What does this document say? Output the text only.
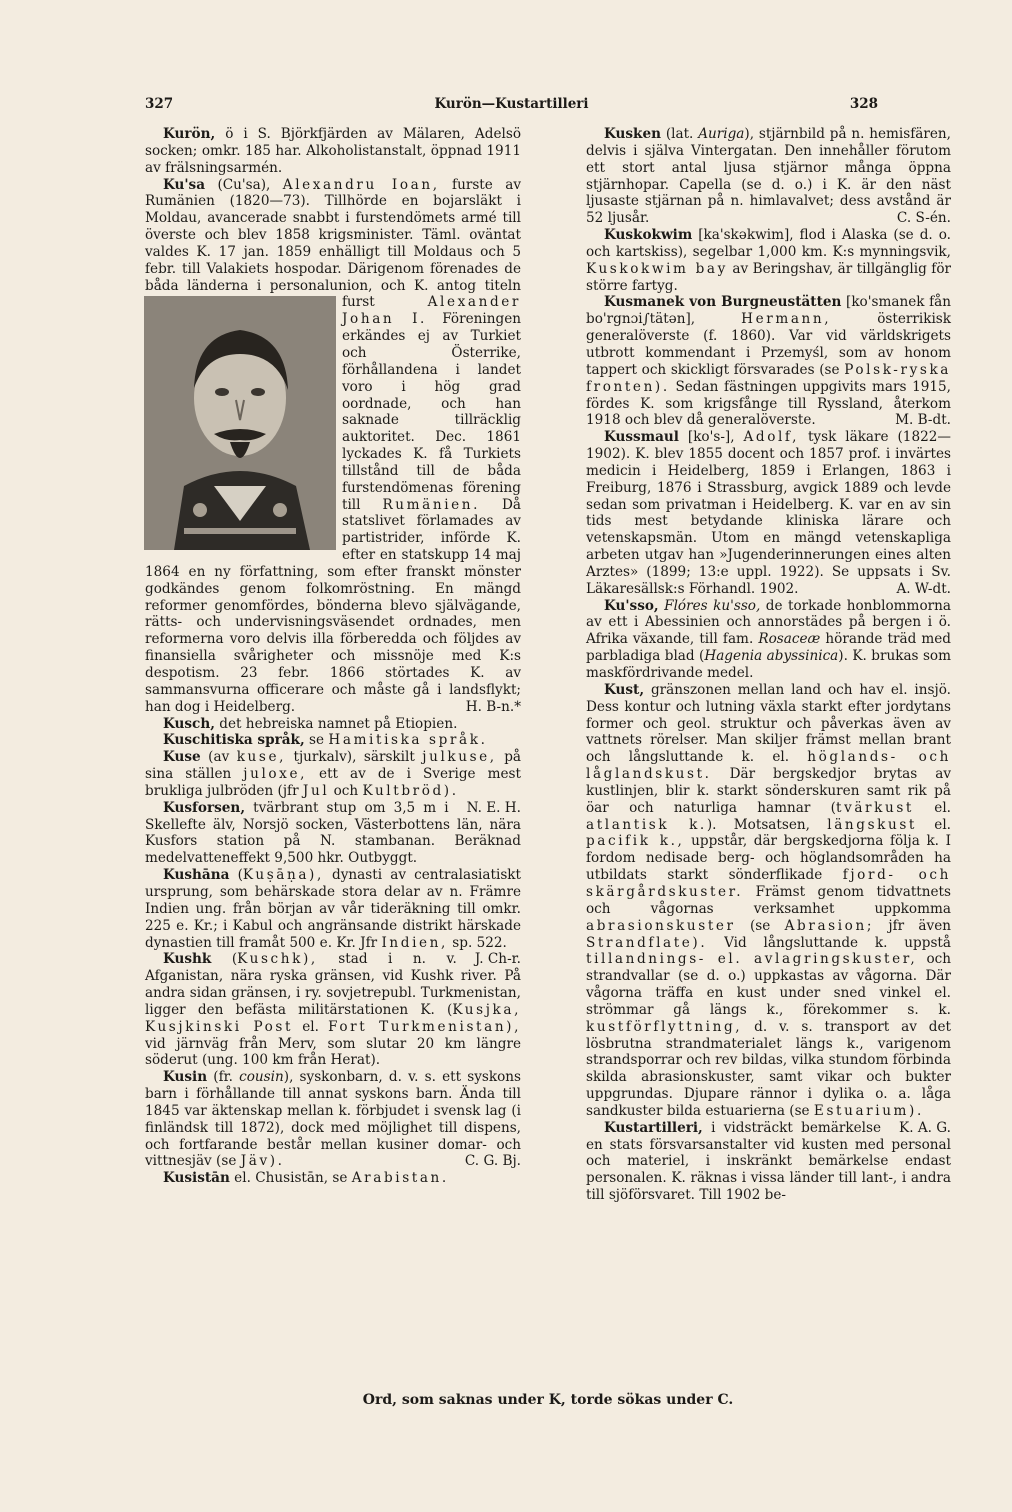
327	Kurön—Kustartilleri	328

Kurön, ö i S. Björkfjärden av Mälaren, Adelsö socken; omkr. 185 har. Alkoholistanstalt, öppnad 1911 av frälsningsarmén.

Ku'sa (Cu'sa), Alexandru Ioan, furste av Rumänien (1820—73). Tillhörde en bojarsläkt i Moldau, avancerade snabbt i furstendömets armé till överste och blev 1858 krigsminister. Täml. oväntat valdes K. 17 jan. 1859 enhälligt till Moldaus och 5 febr. till Valakiets hospodar. Därigenom förenades de båda länderna i personalunion, och K. antog titeln furst	Alexander Johan I. Föreningen erkändes ej av Turkiet och Österrike, förhållandena i landet voro i hög grad oordnade, och han saknade tillräcklig auktoritet. Dec. 1861 lyckades K. få Turkiets tillstånd till de båda furstendömenas förening till Rumänien. Då statslivet förlamades av partistrider, införde K. efter en statskupp 14 maj 1864 en ny författning, som efter franskt mönster godkändes genom folkomröstning. En mängd reformer genomfördes, bönderna blevo självägande, rätts- och undervisningsväsendet ordnades, men reformerna voro delvis illa förberedda och följdes av finansiella svårigheter och missnöje med K:s despotism. 23 febr. 1866 störtades K. av sammansvurna officerare och måste gå i landsflykt; han dog i Heidelberg.	H. B-n.*

Kusch, det hebreiska namnet på Etiopien.

Kuschitiska språk, se Hamitiska språk.

Kuse (av kuse, tjurkalv), särskilt julkuse, på sina ställen juloxe, ett av de i Sverige mest brukliga julbröden (jfr Jul och Kultbröd).
N. E. H.

Kusforsen, tvärbrant stup om 3,5 m i Skellefte älv, Norsjö socken, Västerbottens län, nära Kusfors station på N. stambanan. Beräknad medelvatteneffekt 9,500 hkr. Outbyggt.

Kushāna (Kuṣāṇa), dynasti av centralasiatiskt ursprung, som behärskade stora delar av n. Främre Indien ung. från början av vår tideräkning till omkr. 225 e. Kr.; i Kabul och angränsande distrikt härskade dynastien till framåt 500 e. Kr. Jfr Indien, sp. 522.
J. Ch-r.

Kushk (Kuschk), stad i n. v. Afganistan, nära ryska gränsen, vid Kushk river. På andra sidan gränsen, i ry. sovjetrepubl. Turkmenistan, ligger den befästa militärstationen K. (Kusjka, Kusjkinski Post el. Fort Turkmenistan), vid järnväg från Merv, som slutar 20 km längre söderut (ung. 100 km från Herat).

Kusin (fr. cousin), syskonbarn, d. v. s. ett syskons barn i förhållande till annat syskons barn. Ända till 1845 var äktenskap mellan k. förbjudet i svensk lag (i finländsk till 1872), dock med möjlighet till dispens, och fortfarande består mellan kusiner domar- och vittnesjäv (se Jäv).	C. G. Bj.

Kusistān el. Chusistān, se Arabistan.

Kusken (lat. Auriga), stjärnbild på n. hemisfären, delvis i själva Vintergatan. Den innehåller förutom ett stort antal ljusa stjärnor många öppna stjärnhopar. Capella (se d. o.) i K. är den näst ljusaste stjärnan på n. himlavalvet; dess avstånd är 52 ljusår.	C. S-én.

Kuskokwim [ka'skəkwim], flod i Alaska (se d. o. och kartskiss), segelbar 1,000 km. K:s mynningsvik, Kuskokwim bay av Beringshav, är tillgänglig för större fartyg.

Kusmanek von Burgneustätten [ko'smanek fån bo'rgnɔi∫tätən],	Hermann,	österrikisk generalöverste (f. 1860). Var vid världskrigets utbrott kommendant i Przemyśl, som av honom tappert och skickligt försvarades (se Polsk-ryska fronten). Sedan fästningen uppgivits mars 1915, fördes K. som krigsfånge till Ryssland, återkom 1918 och blev då generalöverste.	M. B-dt.

Kussmaul [ko's-], Adolf, tysk läkare (1822—1902). K. blev 1855 docent och 1857 prof. i invärtes medicin i Heidelberg, 1859 i Erlangen, 1863 i Freiburg, 1876 i Strassburg, avgick 1889 och levde sedan som privatman i Heidelberg. K. var en av sin tids mest betydande kliniska lärare och vetenskapsmän. Utom en mängd vetenskapliga arbeten utgav han »Jugenderinnerungen eines alten Arztes» (1899; 13:e uppl. 1922). Se uppsats i Sv. Läkaresällsk:s Förhandl. 1902.	A. W-dt.

Ku'sso, Flóres ku'sso, de torkade honblommorna av ett i Abessinien och annorstädes på bergen i ö. Afrika växande, till fam. Rosaceæ hörande träd med parbladiga blad (Hagenia abyssinica). K. brukas som maskfördrivande medel.

Kust, gränszonen mellan land och hav el. insjö. Dess kontur och lutning växla starkt efter jordytans former och geol. struktur och påverkas även av vattnets rörelser. Man skiljer främst mellan brant och långsluttande k. el. höglands- och låglandskust. Där bergskedjor brytas av kustlinjen, blir k. starkt sönderskuren samt rik på öar och naturliga hamnar (tvärkust el. atlantisk k.). Motsatsen, längskust el. pacifik k., uppstår, där bergskedjorna följa k. I fordom nedisade berg- och höglandsområden ha utbildats starkt sönderflikade fjord- och skärgårdskuster. Främst genom tidvattnets och vågornas verksamhet uppkomma abrasionskuster (se Abrasion; jfr även Strandflate). Vid långsluttande k. uppstå tillandnings- el. avlagringskuster, och strandvallar (se d. o.) uppkastas av vågorna. Där vågorna träffa en kust under sned vinkel el. strömmar gå längs k., förekommer s. k. kustförflyttning, d. v. s. transport av det lösbrutna strandmaterialet längs k., varigenom strandsporrar och rev bildas, vilka stundom förbinda skilda abrasionskuster, samt vikar och bukter uppgrundas. Djupare rännor i dylika o. a. låga sandkuster bilda estuarierna (se Estuarium).
K. A. G.

Kustartilleri, i vidsträckt bemärkelse en stats försvarsanstalter vid kusten med personal och materiel, i inskränkt bemärkelse endast personalen. K. räknas i vissa länder till lant-, i andra till sjöförsvaret. Till 1902 be-

Ord, som saknas under K, torde sökas under C.
